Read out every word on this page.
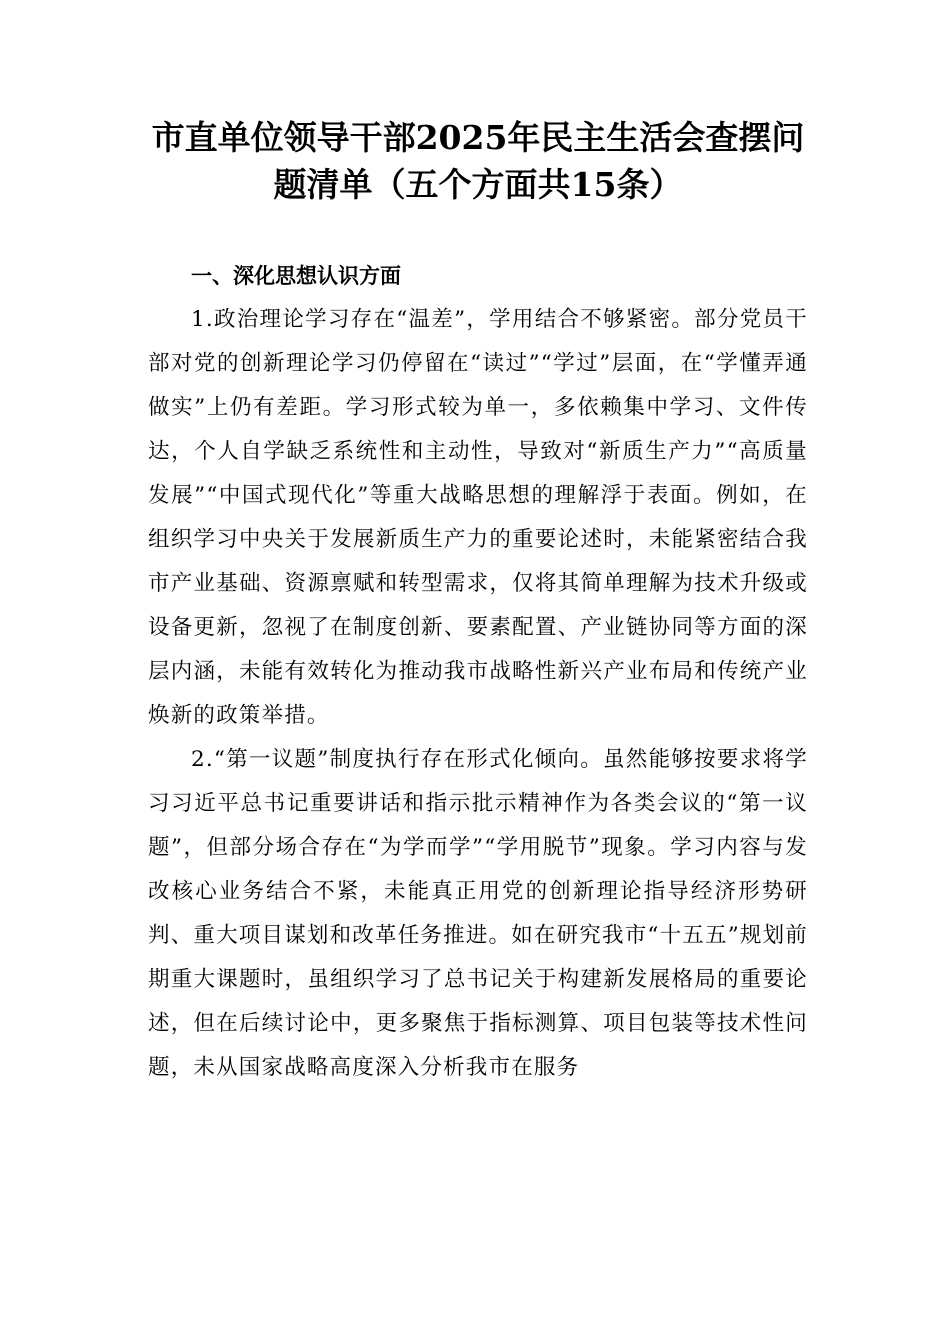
市直单位领导干部2025年民主生活会查摆问题清单（五个方面共15条）
一、深化思想认识方面

1.政治理论学习存在“温差”，学用结合不够紧密。部分党员干部对党的创新理论学习仍停留在“读过”“学过”层面，在“学懂弄通做实”上仍有差距。学习形式较为单一，多依赖集中学习、文件传达，个人自学缺乏系统性和主动性，导致对“新质生产力”“高质量发展”“中国式现代化”等重大战略思想的理解浮于表面。例如，在组织学习中央关于发展新质生产力的重要论述时，未能紧密结合我市产业基础、资源禀赋和转型需求，仅将其简单理解为技术升级或设备更新，忽视了在制度创新、要素配置、产业链协同等方面的深层内涵，未能有效转化为推动我市战略性新兴产业布局和传统产业焕新的政策举措。

2.“第一议题”制度执行存在形式化倾向。虽然能够按要求将学习习近平总书记重要讲话和指示批示精神作为各类会议的“第一议题”，但部分场合存在“为学而学”“学用脱节”现象。学习内容与发改核心业务结合不紧，未能真正用党的创新理论指导经济形势研判、重大项目谋划和改革任务推进。如在研究我市“十五五”规划前期重大课题时，虽组织学习了总书记关于构建新发展格局的重要论述，但在后续讨论中，更多聚焦于指标测算、项目包装等技术性问题，未从国家战略高度深入分析我市在服务
